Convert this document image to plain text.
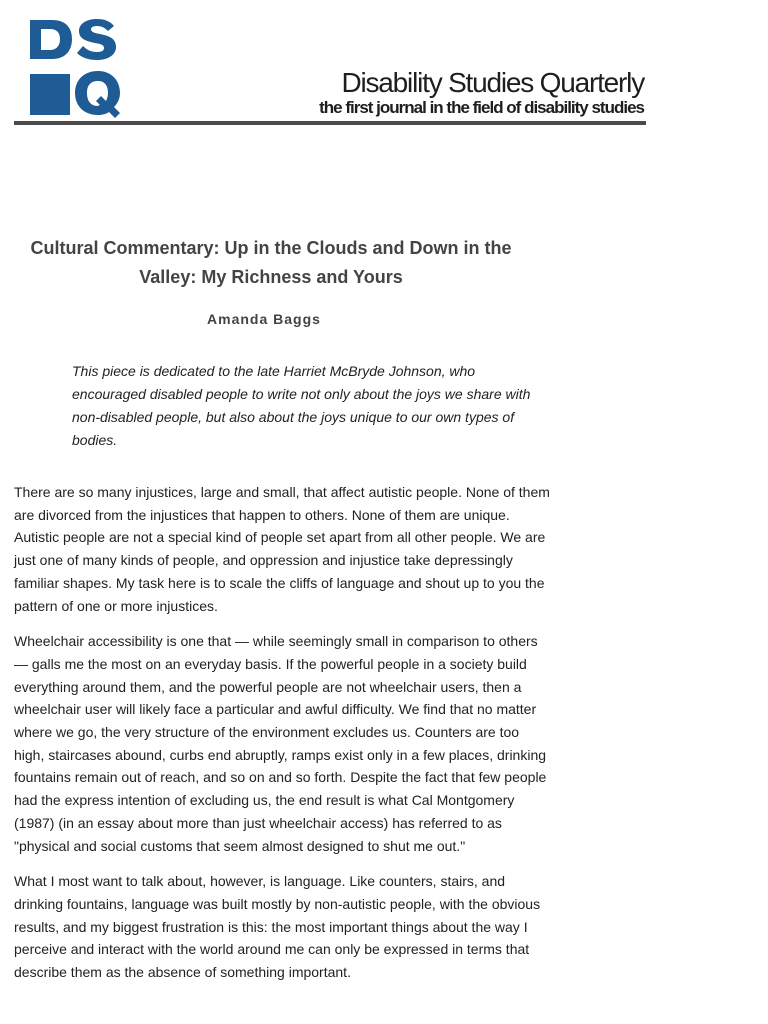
Disability Studies Quarterly
the first journal in the field of disability studies
Cultural Commentary: Up in the Clouds and Down in the Valley: My Richness and Yours
Amanda Baggs

This piece is dedicated to the late Harriet McBryde Johnson, who encouraged disabled people to write not only about the joys we share with non-disabled people, but also about the joys unique to our own types of bodies.

There are so many injustices, large and small, that affect autistic people. None of them are divorced from the injustices that happen to others. None of them are unique. Autistic people are not a special kind of people set apart from all other people. We are just one of many kinds of people, and oppression and injustice take depressingly familiar shapes. My task here is to scale the cliffs of language and shout up to you the pattern of one or more injustices.

Wheelchair accessibility is one that — while seemingly small in comparison to others — galls me the most on an everyday basis. If the powerful people in a society build everything around them, and the powerful people are not wheelchair users, then a wheelchair user will likely face a particular and awful difficulty. We find that no matter where we go, the very structure of the environment excludes us. Counters are too high, staircases abound, curbs end abruptly, ramps exist only in a few places, drinking fountains remain out of reach, and so on and so forth. Despite the fact that few people had the express intention of excluding us, the end result is what Cal Montgomery (1987) (in an essay about more than just wheelchair access) has referred to as "physical and social customs that seem almost designed to shut me out."

What I most want to talk about, however, is language. Like counters, stairs, and drinking fountains, language was built mostly by non-autistic people, with the obvious results, and my biggest frustration is this: the most important things about the way I perceive and interact with the world around me can only be expressed in terms that describe them as the absence of something important.
